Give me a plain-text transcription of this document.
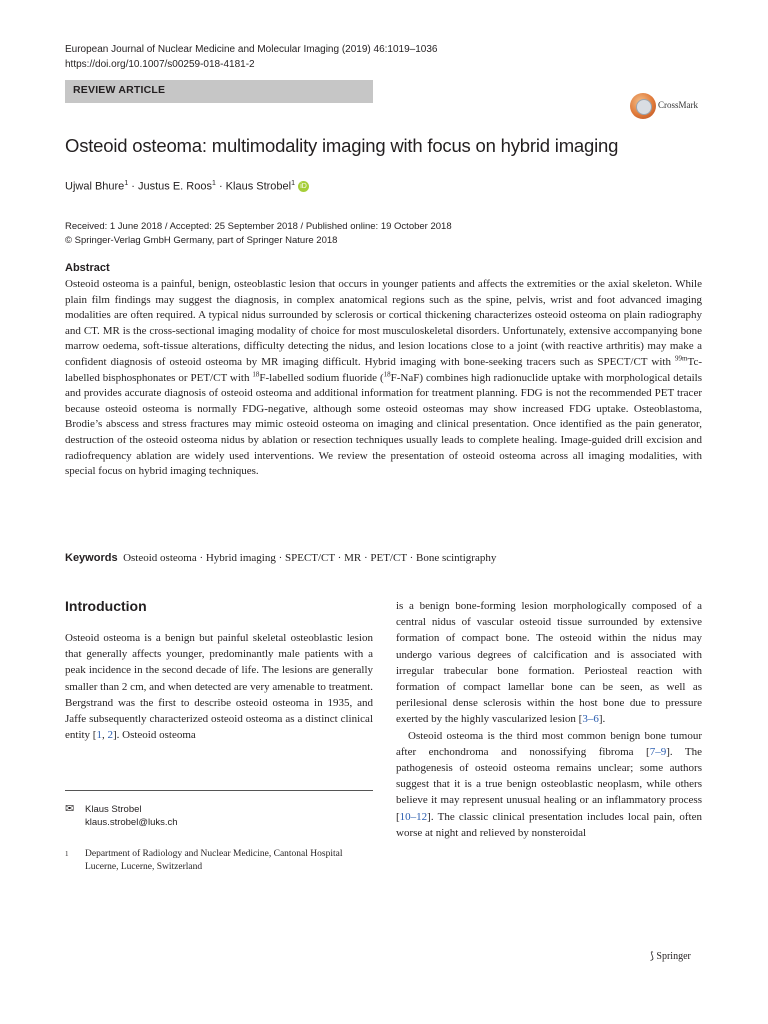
European Journal of Nuclear Medicine and Molecular Imaging (2019) 46:1019–1036
https://doi.org/10.1007/s00259-018-4181-2
REVIEW ARTICLE
CrossMark
Osteoid osteoma: multimodality imaging with focus on hybrid imaging
Ujwal Bhure$^1$ · Justus E. Roos$^1$ · Klaus Strobel$^1$ iD
Received: 1 June 2018 / Accepted: 25 September 2018 / Published online: 19 October 2018
© Springer-Verlag GmbH Germany, part of Springer Nature 2018
Abstract
Osteoid osteoma is a painful, benign, osteoblastic lesion that occurs in younger patients and affects the extremities or the axial skeleton. While plain film findings may suggest the diagnosis, in complex anatomical regions such as the spine, pelvis, wrist and foot advanced imaging modalities are often required. A typical nidus surrounded by sclerosis or cortical thickening characterizes osteoid osteoma on plain radiography and CT. MR is the cross-sectional imaging modality of choice for most musculoskeletal disorders. Unfortunately, extensive accompanying bone marrow oedema, soft-tissue alterations, difficulty detecting the nidus, and lesion locations close to a joint (with reactive arthritis) may make a confident diagnosis of osteoid osteoma by MR imaging difficult. Hybrid imaging with bone-seeking tracers such as SPECT/CT with $^{99m}$Tc-labelled bisphosphonates or PET/CT with $^{18}$F-labelled sodium fluoride ($^{18}$F-NaF) combines high radionuclide uptake with morphological details and provides accurate diagnosis of osteoid osteoma and additional information for treatment planning. FDG is not the recommended PET tracer because osteoid osteoma is normally FDG-negative, although some osteoid osteomas may show increased FDG uptake. Osteoblastoma, Brodie’s abscess and stress fractures may mimic osteoid osteoma on imaging and clinical presentation. Once identified as the pain generator, destruction of the osteoid osteoma nidus by ablation or resection techniques usually leads to complete healing. Image-guided drill excision and radiofrequency ablation are widely used interventions. We review the presentation of osteoid osteoma across all imaging modalities, with special focus on hybrid imaging techniques.
Keywords Osteoid osteoma · Hybrid imaging · SPECT/CT · MR · PET/CT · Bone scintigraphy
Introduction
Osteoid osteoma is a benign but painful skeletal osteoblastic lesion that generally affects younger, predominantly male patients with a peak incidence in the second decade of life. The lesions are generally smaller than 2 cm, and when detected are very amenable to treatment. Bergstrand was the first to describe osteoid osteoma in 1935, and Jaffe subsequently characterized osteoid osteoma as a distinct clinical entity [1, 2]. Osteoid osteoma
is a benign bone-forming lesion morphologically composed of a central nidus of vascular osteoid tissue surrounded by extensive formation of compact bone. The osteoid within the nidus may undergo various degrees of calcification and is associated with irregular trabecular bone formation. Periosteal reaction with formation of compact lamellar bone can be seen, as well as perilesional dense sclerosis within the host bone due to pressure exerted by the highly vascularized lesion [3–6].
Osteoid osteoma is the third most common benign bone tumour after enchondroma and nonossifying fibroma [7–9]. The pathogenesis of osteoid osteoma remains unclear; some authors suggest that it is a true benign osteoblastic neoplasm, while others believe it may represent unusual healing or an inflammatory process [10–12]. The classic clinical presentation includes local pain, often worse at night and relieved by nonsteroidal
✉ Klaus Strobel
klaus.strobel@luks.ch
1 Department of Radiology and Nuclear Medicine, Cantonal Hospital
Lucerne, Lucerne, Switzerland
⟆ Springer
